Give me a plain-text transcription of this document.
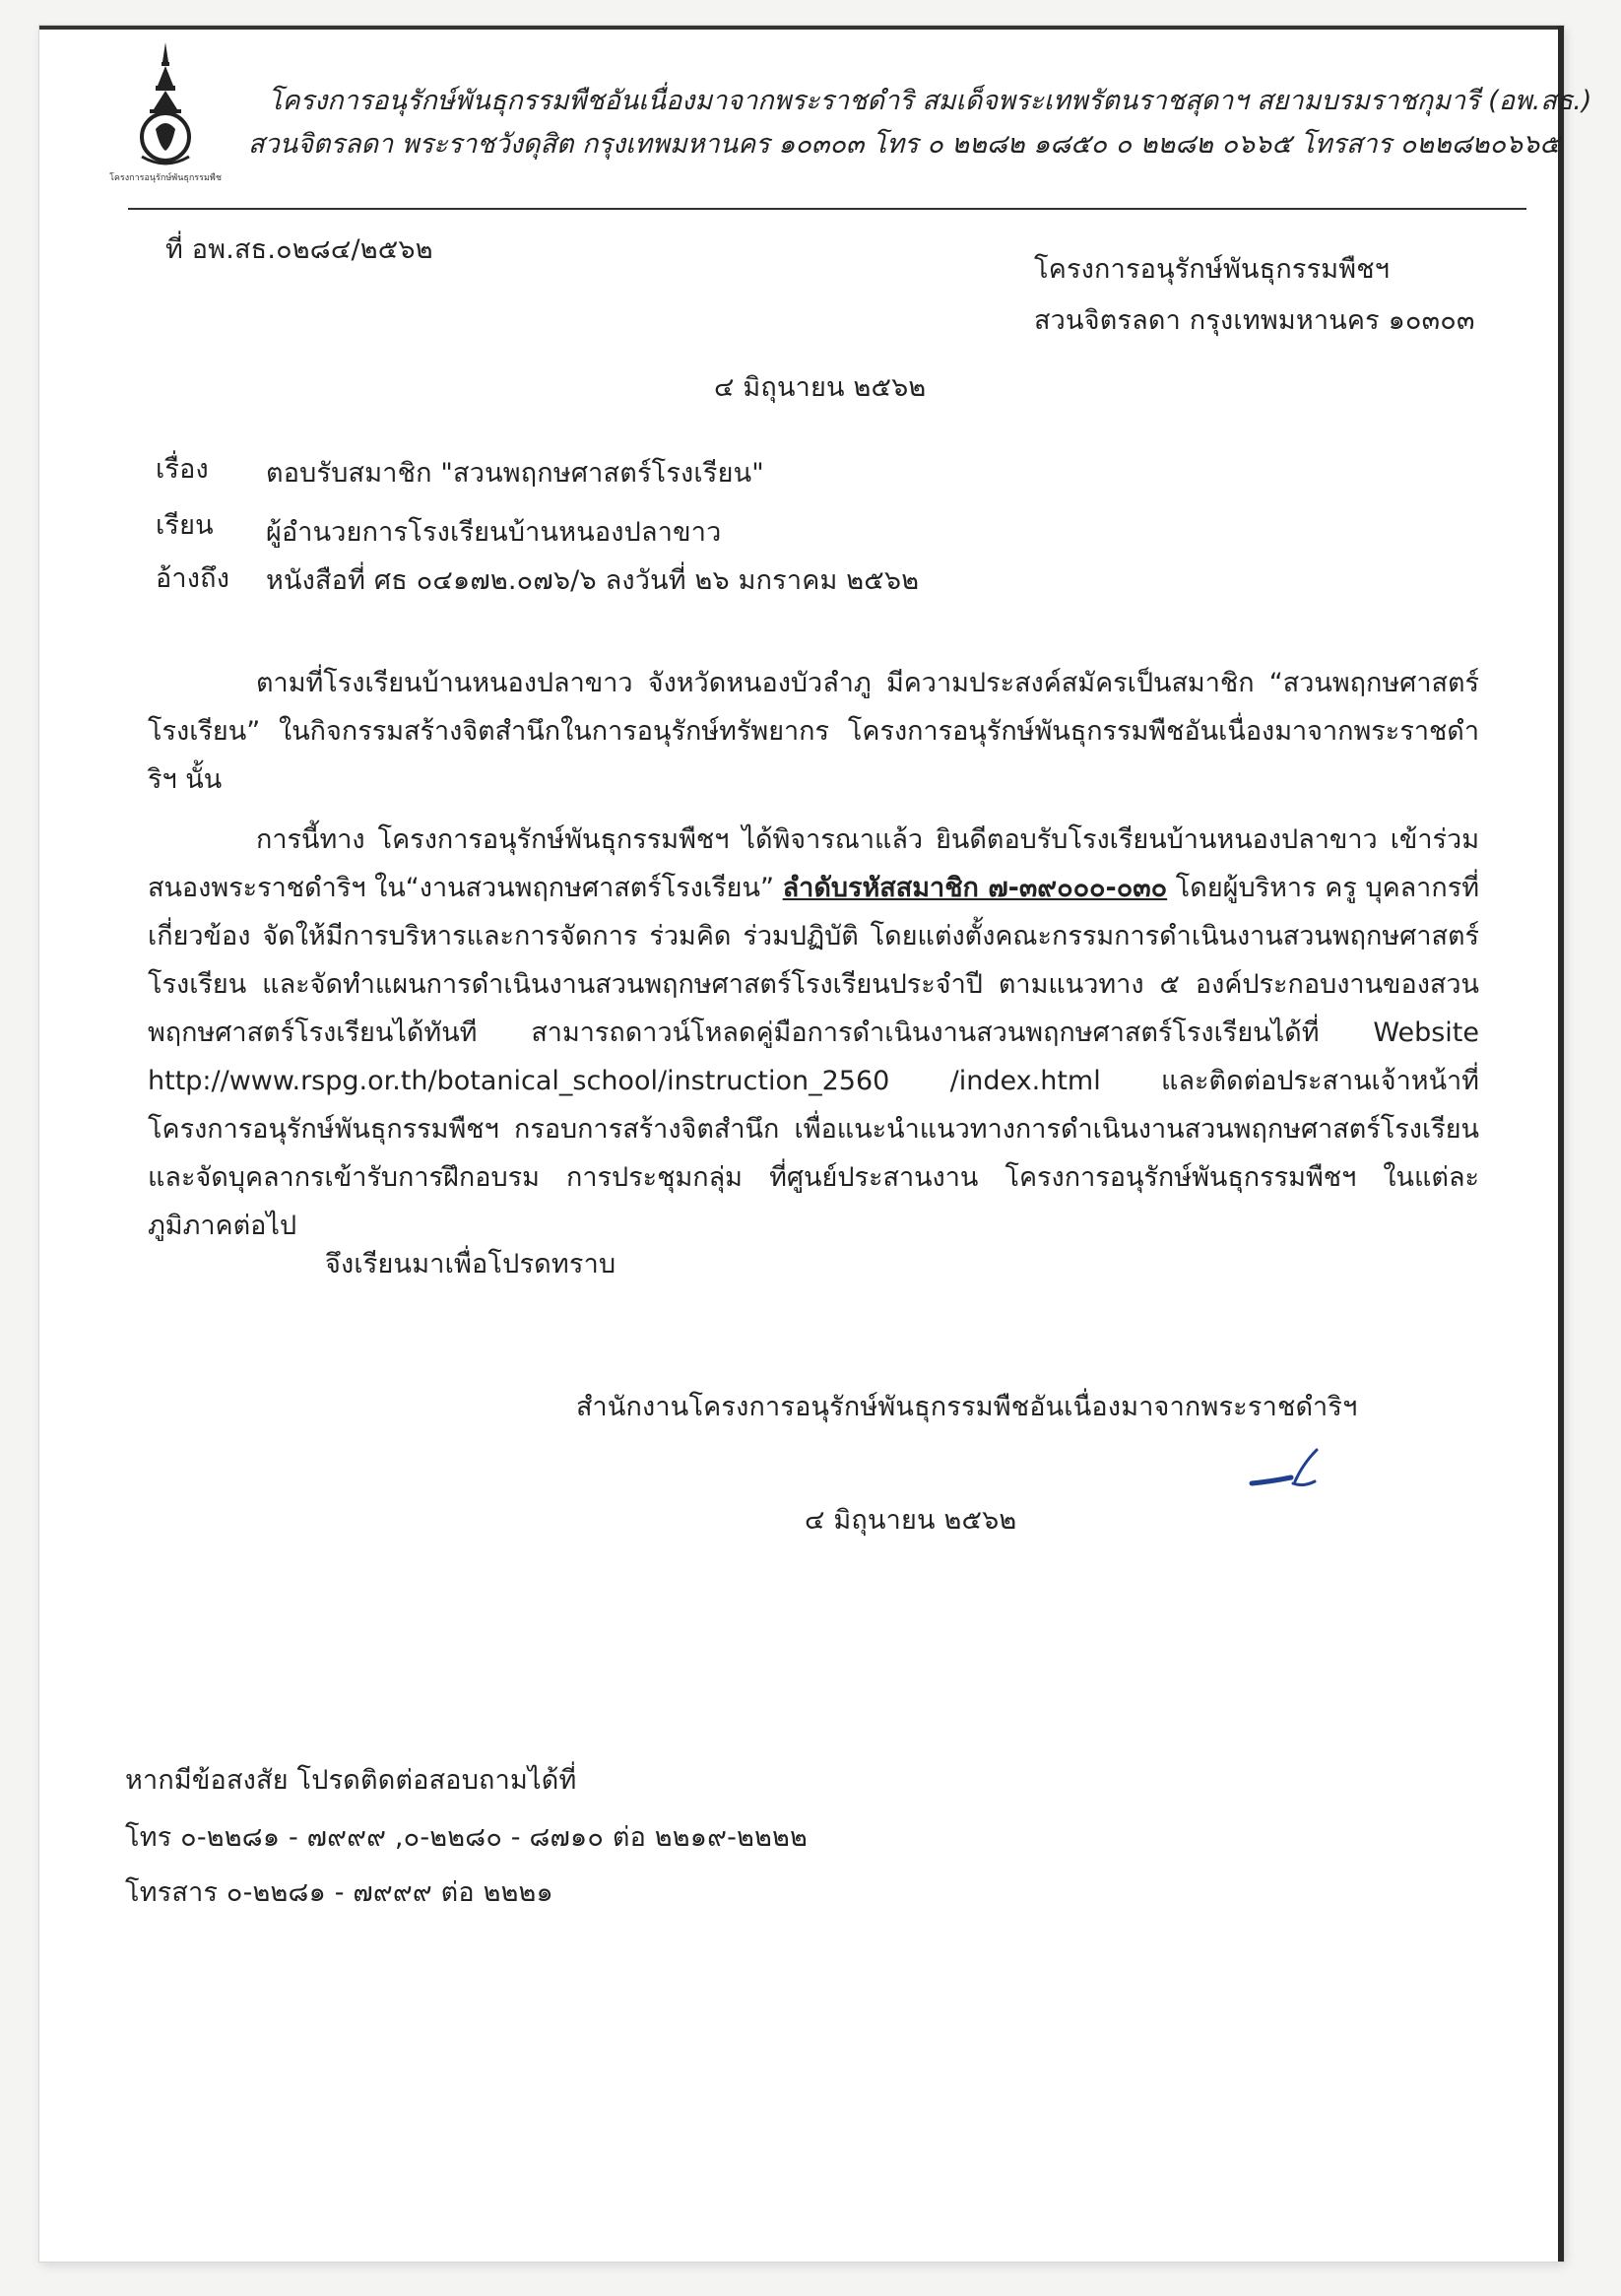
โครงการอนุรักษ์พันธุกรรมพืช
โครงการอนุรักษ์พันธุกรรมพืชอันเนื่องมาจากพระราชดำริ สมเด็จพระเทพรัตนราชสุดาฯ สยามบรมราชกุมารี (อพ.สธ.)
สวนจิตรลดา พระราชวังดุสิต กรุงเทพมหานคร ๑๐๓๐๓ โทร ๐ ๒๒๘๒ ๑๘๕๐ ๐ ๒๒๘๒ ๐๖๖๕ โทรสาร ๐๒๒๘๒๐๖๖๕
ที่ อพ.สธ.๐๒๘๔/๒๕๖๒
โครงการอนุรักษ์พันธุกรรมพืชฯ
สวนจิตรลดา กรุงเทพมหานคร ๑๐๓๐๓
๔ มิถุนายน ๒๕๖๒
เรื่อง ตอบรับสมาชิก "สวนพฤกษศาสตร์โรงเรียน"
เรียน ผู้อำนวยการโรงเรียนบ้านหนองปลาขาว
อ้างถึง หนังสือที่ ศธ ๐๔๑๗๒.๐๗๖/๖ ลงวันที่ ๒๖ มกราคม ๒๕๖๒
ตามที่โรงเรียนบ้านหนองปลาขาว จังหวัดหนองบัวลำภู มีความประสงค์สมัครเป็นสมาชิก “สวนพฤกษศาสตร์โรงเรียน” ในกิจกรรมสร้างจิตสำนึกในการอนุรักษ์ทรัพยากร โครงการอนุรักษ์พันธุกรรมพืชอันเนื่องมาจากพระราชดำริฯ นั้น
การนี้ทาง โครงการอนุรักษ์พันธุกรรมพืชฯ ได้พิจารณาแล้ว ยินดีตอบรับโรงเรียนบ้านหนองปลาขาว เข้าร่วมสนองพระราชดำริฯ ใน“งานสวนพฤกษศาสตร์โรงเรียน” ลำดับรหัสสมาชิก ๗-๓๙๐๐๐-๐๓๐ โดยผู้บริหาร ครู บุคลากรที่เกี่ยวข้อง จัดให้มีการบริหารและการจัดการ ร่วมคิด ร่วมปฏิบัติ โดยแต่งตั้งคณะกรรมการดำเนินงานสวนพฤกษศาสตร์โรงเรียน และจัดทำแผนการดำเนินงานสวนพฤกษศาสตร์โรงเรียนประจำปี ตามแนวทาง ๕ องค์ประกอบงานของสวนพฤกษศาสตร์โรงเรียนได้ทันที สามารถดาวน์โหลดคู่มือการดำเนินงานสวนพฤกษศาสตร์โรงเรียนได้ที่ Website http://www.rspg.or.th/botanical_school/instruction_2560 /index.html และติดต่อประสานเจ้าหน้าที่ โครงการอนุรักษ์พันธุกรรมพืชฯ กรอบการสร้างจิตสำนึก เพื่อแนะนำแนวทางการดำเนินงานสวนพฤกษศาสตร์โรงเรียน และจัดบุคลากรเข้ารับการฝึกอบรม การประชุมกลุ่ม ที่ศูนย์ประสานงาน โครงการอนุรักษ์พันธุกรรมพืชฯ ในแต่ละภูมิภาคต่อไป
จึงเรียนมาเพื่อโปรดทราบ
สำนักงานโครงการอนุรักษ์พันธุกรรมพืชอันเนื่องมาจากพระราชดำริฯ
๔ มิถุนายน ๒๕๖๒
หากมีข้อสงสัย โปรดติดต่อสอบถามได้ที่
โทร ๐-๒๒๘๑ - ๗๙๙๙ ,๐-๒๒๘๐ - ๘๗๑๐ ต่อ ๒๒๑๙-๒๒๒๒
โทรสาร ๐-๒๒๘๑ - ๗๙๙๙ ต่อ ๒๒๒๑
